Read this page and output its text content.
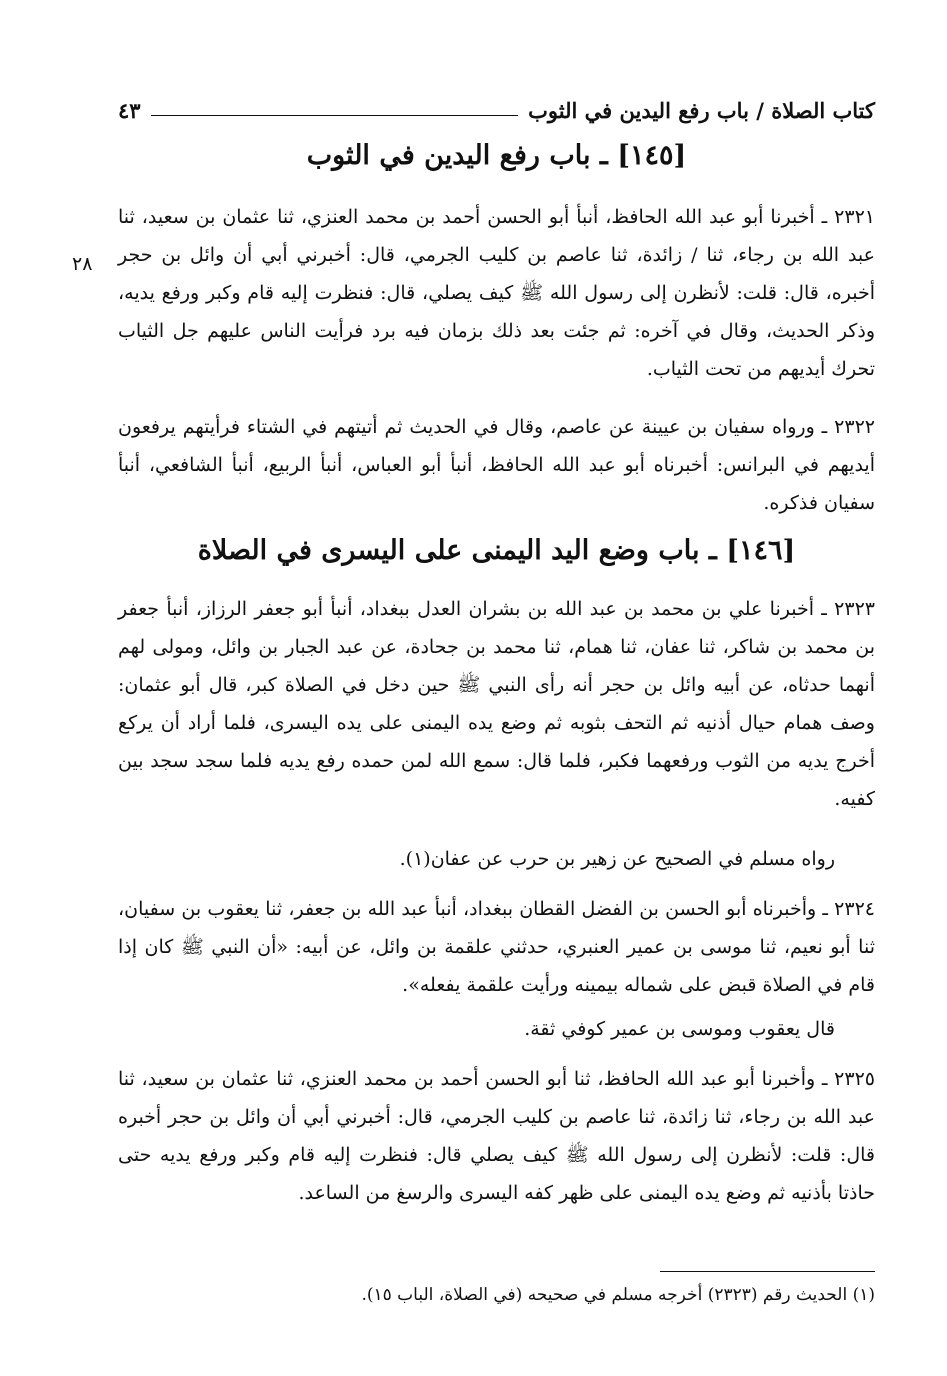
كتاب الصلاة / باب رفع اليدين في الثوب
٤٣
[١٤٥] ـ باب رفع اليدين في الثوب
٢٣٢١ ـ أخبرنا أبو عبد الله الحافظ، أنبأ أبو الحسن أحمد بن محمد العنزي، ثنا عثمان بن سعيد، ثنا عبد الله بن رجاء، ثنا / زائدة، ثنا عاصم بن كليب الجرمي، قال: أخبرني أبي أن وائل بن حجر أخبره، قال: قلت: لأنظرن إلى رسول الله ﷺ كيف يصلي، قال: فنظرت إليه قام وكبر ورفع يديه، وذكر الحديث، وقال في آخره: ثم جئت بعد ذلك بزمان فيه برد فرأيت الناس عليهم جل الثياب تحرك أيديهم من تحت الثياب.
٢٨
٢٣٢٢ ـ ورواه سفيان بن عيينة عن عاصم، وقال في الحديث ثم أتيتهم في الشتاء فرأيتهم يرفعون أيديهم في البرانس: أخبرناه أبو عبد الله الحافظ، أنبأ أبو العباس، أنبأ الربيع، أنبأ الشافعي، أنبأ سفيان فذكره.
[١٤٦] ـ باب وضع اليد اليمنى على اليسرى في الصلاة
٢٣٢٣ ـ أخبرنا علي بن محمد بن عبد الله بن بشران العدل ببغداد، أنبأ أبو جعفر الرزاز، أنبأ جعفر بن محمد بن شاكر، ثنا عفان، ثنا همام، ثنا محمد بن جحادة، عن عبد الجبار بن وائل، ومولى لهم أنهما حدثاه، عن أبيه وائل بن حجر أنه رأى النبي ﷺ حين دخل في الصلاة كبر، قال أبو عثمان: وصف همام حيال أذنيه ثم التحف بثوبه ثم وضع يده اليمنى على يده اليسرى، فلما أراد أن يركع أخرج يديه من الثوب ورفعهما فكبر، فلما قال: سمع الله لمن حمده رفع يديه فلما سجد سجد بين كفيه.
رواه مسلم في الصحيح عن زهير بن حرب عن عفان(١).
٢٣٢٤ ـ وأخبرناه أبو الحسن بن الفضل القطان ببغداد، أنبأ عبد الله بن جعفر، ثنا يعقوب بن سفيان، ثنا أبو نعيم، ثنا موسى بن عمير العنبري، حدثني علقمة بن وائل، عن أبيه: «أن النبي ﷺ كان إذا قام في الصلاة قبض على شماله بيمينه ورأيت علقمة يفعله».
قال يعقوب وموسى بن عمير كوفي ثقة.
٢٣٢٥ ـ وأخبرنا أبو عبد الله الحافظ، ثنا أبو الحسن أحمد بن محمد العنزي، ثنا عثمان بن سعيد، ثنا عبد الله بن رجاء، ثنا زائدة، ثنا عاصم بن كليب الجرمي، قال: أخبرني أبي أن وائل بن حجر أخبره قال: قلت: لأنظرن إلى رسول الله ﷺ كيف يصلي قال: فنظرت إليه قام وكبر ورفع يديه حتى حاذتا بأذنيه ثم وضع يده اليمنى على ظهر كفه اليسرى والرسغ من الساعد.
(١) الحديث رقم (٢٣٢٣) أخرجه مسلم في صحيحه (في الصلاة، الباب ١٥).
